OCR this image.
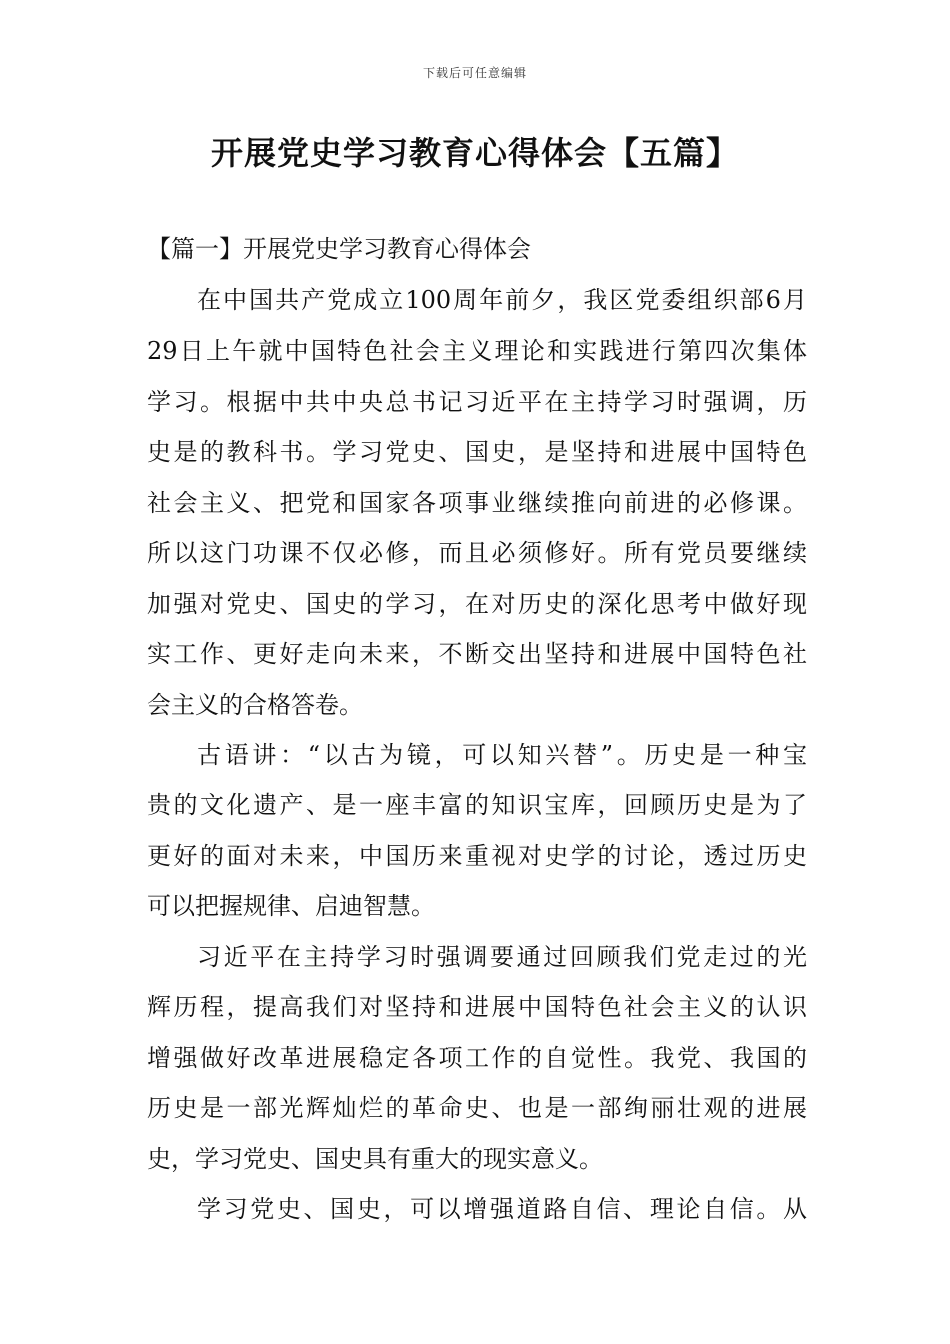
下载后可任意编辑
开展党史学习教育心得体会【五篇】
【篇一】开展党史学习教育心得体会
在中国共产党成立100周年前夕，我区党委组织部6月
29日上午就中国特色社会主义理论和实践进行第四次集体
学习。根据中共中央总书记习近平在主持学习时强调，历
史是的教科书。学习党史、国史，是坚持和进展中国特色
社会主义、把党和国家各项事业继续推向前进的必修课。
所以这门功课不仅必修，而且必须修好。所有党员要继续
加强对党史、国史的学习，在对历史的深化思考中做好现
实工作、更好走向未来，不断交出坚持和进展中国特色社
会主义的合格答卷。
古语讲：“以古为镜，可以知兴替”。历史是一种宝
贵的文化遗产、是一座丰富的知识宝库，回顾历史是为了
更好的面对未来，中国历来重视对史学的讨论，透过历史
可以把握规律、启迪智慧。
习近平在主持学习时强调要通过回顾我们党走过的光
辉历程，提高我们对坚持和进展中国特色社会主义的认识
增强做好改革进展稳定各项工作的自觉性。我党、我国的
历史是一部光辉灿烂的革命史、也是一部绚丽壮观的进展
史，学习党史、国史具有重大的现实意义。
学习党史、国史，可以增强道路自信、理论自信。从
